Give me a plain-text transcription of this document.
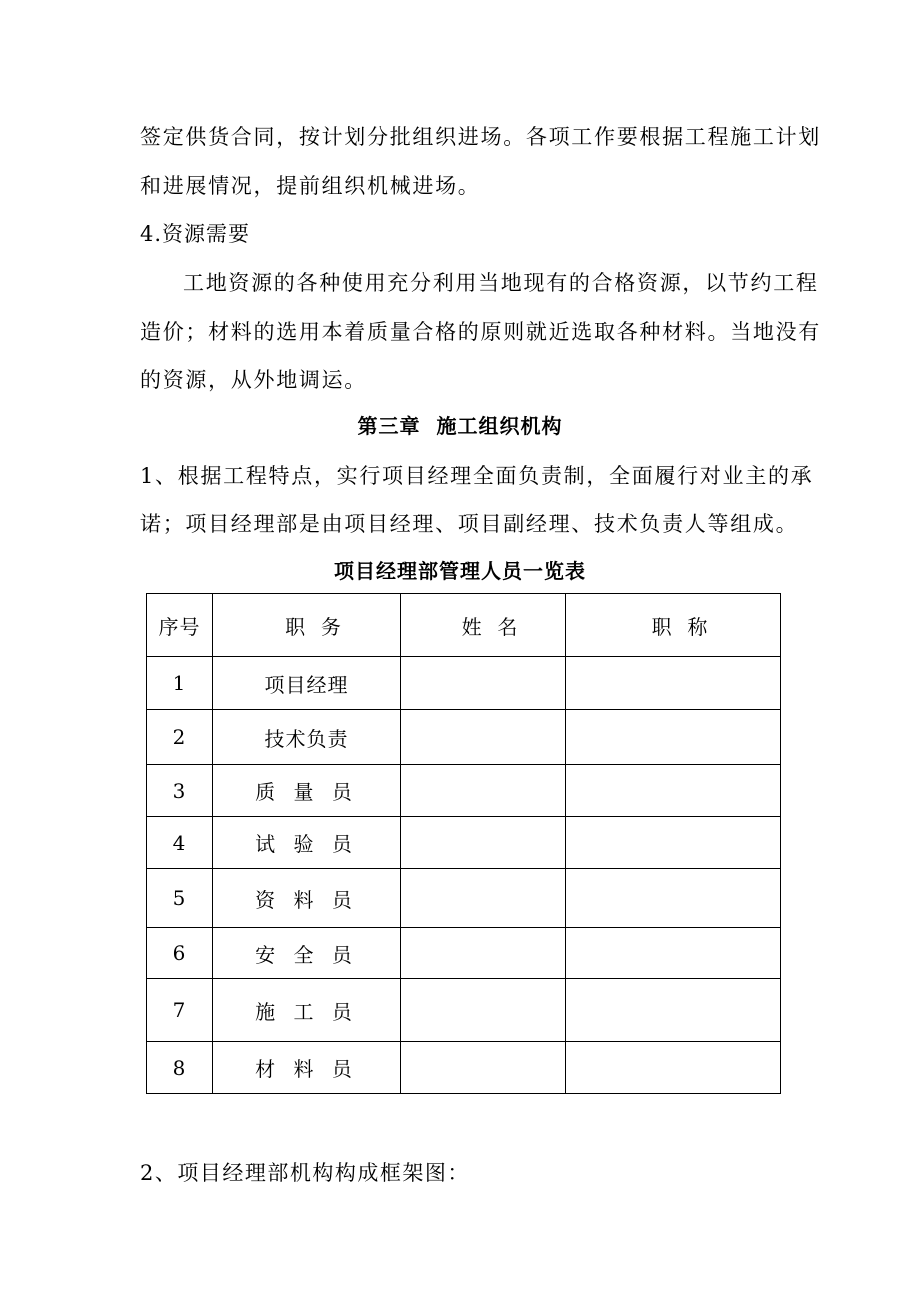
签定供货合同，按计划分批组织进场。各项工作要根据工程施工计划
和进展情况，提前组织机械进场。
4.资源需要
工地资源的各种使用充分利用当地现有的合格资源，以节约工程
造价；材料的选用本着质量合格的原则就近选取各种材料。当地没有
的资源，从外地调运。
第三章  施工组织机构
1、根据工程特点，实行项目经理全面负责制，全面履行对业主的承
诺；项目经理部是由项目经理、项目副经理、技术负责人等组成。
项目经理部管理人员一览表
序号	职  务	姓  名	职  称
1	项目经理		
2	技术负责		
3	质 量 员		
4	试 验 员		
5	资 料 员		
6	安 全 员		
7	施 工 员		
8	材 料 员		
2、项目经理部机构构成框架图：
